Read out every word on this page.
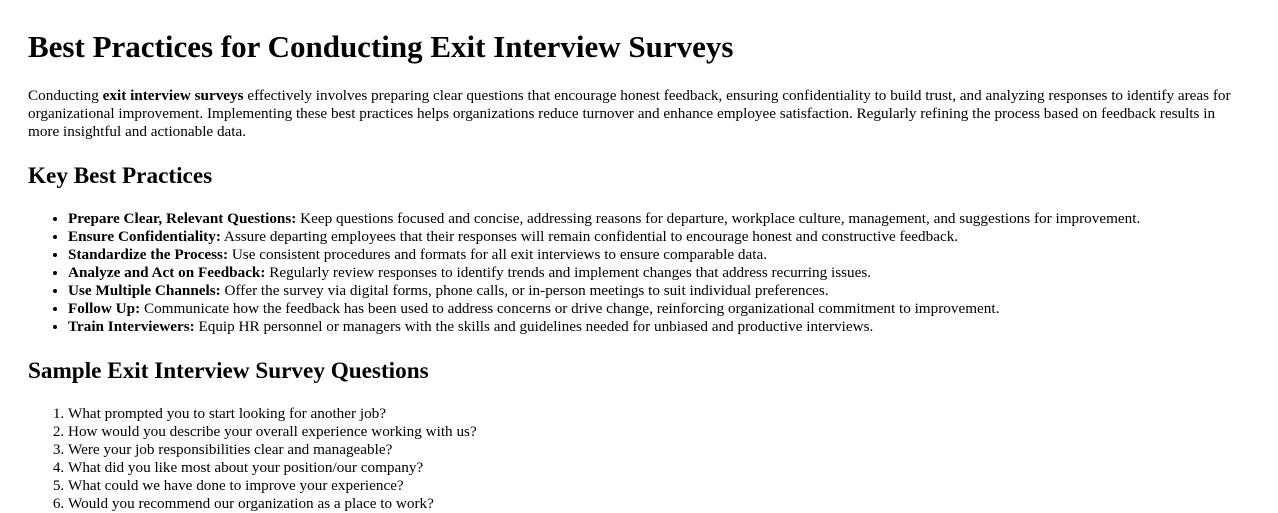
Best Practices for Conducting Exit Interview Surveys

Conducting exit interview surveys effectively involves preparing clear questions that encourage honest feedback, ensuring confidentiality to build trust, and analyzing responses to identify areas for organizational improvement. Implementing these best practices helps organizations reduce turnover and enhance employee satisfaction. Regularly refining the process based on feedback results in more insightful and actionable data.

Key Best Practices
• Prepare Clear, Relevant Questions: Keep questions focused and concise, addressing reasons for departure, workplace culture, management, and suggestions for improvement.
• Ensure Confidentiality: Assure departing employees that their responses will remain confidential to encourage honest and constructive feedback.
• Standardize the Process: Use consistent procedures and formats for all exit interviews to ensure comparable data.
• Analyze and Act on Feedback: Regularly review responses to identify trends and implement changes that address recurring issues.
• Use Multiple Channels: Offer the survey via digital forms, phone calls, or in-person meetings to suit individual preferences.
• Follow Up: Communicate how the feedback has been used to address concerns or drive change, reinforcing organizational commitment to improvement.
• Train Interviewers: Equip HR personnel or managers with the skills and guidelines needed for unbiased and productive interviews.
Sample Exit Interview Survey Questions
1. What prompted you to start looking for another job?
2. How would you describe your overall experience working with us?
3. Were your job responsibilities clear and manageable?
4. What did you like most about your position/our company?
5. What could we have done to improve your experience?
6. Would you recommend our organization as a place to work?
